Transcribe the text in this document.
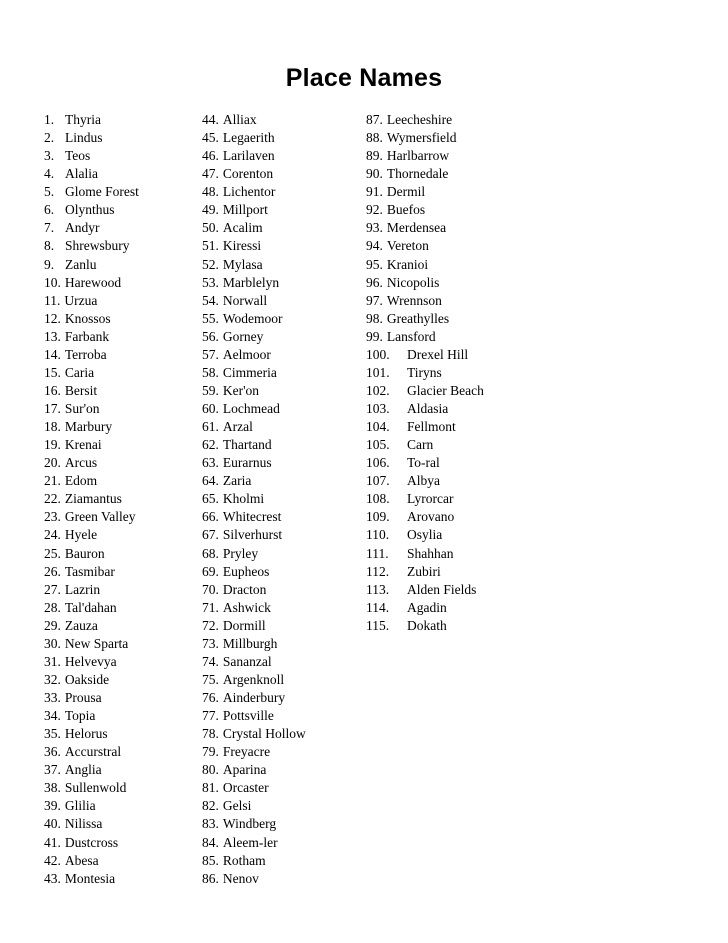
Place Names
1. Thyria
2. Lindus
3. Teos
4. Alalia
5. Glome Forest
6. Olynthus
7. Andyr
8. Shrewsbury
9. Zanlu
10. Harewood
11. Urzua
12. Knossos
13. Farbank
14. Terroba
15. Caria
16. Bersit
17. Sur'on
18. Marbury
19. Krenai
20. Arcus
21. Edom
22. Ziamantus
23. Green Valley
24. Hyele
25. Bauron
26. Tasmibar
27. Lazrin
28. Tal'dahan
29. Zauza
30. New Sparta
31. Helvevya
32. Oakside
33. Prousa
34. Topia
35. Helorus
36. Accurstral
37. Anglia
38. Sullenwold
39. Glilia
40. Nilissa
41. Dustcross
42. Abesa
43. Montesia
44. Alliax
45. Legaerith
46. Larilaven
47. Corenton
48. Lichentor
49. Millport
50. Acalim
51. Kiressi
52. Mylasa
53. Marblelyn
54. Norwall
55. Wodemoor
56. Gorney
57. Aelmoor
58. Cimmeria
59. Ker'on
60. Lochmead
61. Arzal
62. Thartand
63. Eurarnus
64. Zaria
65. Kholmi
66. Whitecrest
67. Silverhurst
68. Pryley
69. Eupheos
70. Dracton
71. Ashwick
72. Dormill
73. Millburgh
74. Sananzal
75. Argenknoll
76. Ainderbury
77. Pottsville
78. Crystal Hollow
79. Freyacre
80. Aparina
81. Orcaster
82. Gelsi
83. Windberg
84. Aleem-ler
85. Rotham
86. Nenov
87. Leecheshire
88. Wymersfield
89. Harlbarrow
90. Thornedale
91. Dermil
92. Buefos
93. Merdensea
94. Vereton
95. Kranioi
96. Nicopolis
97. Wrennson
98. Greathylles
99. Lansford
100.	Drexel Hill
101.	Tiryns
102.	Glacier Beach
103.	Aldasia
104.	Fellmont
105.	Carn
106.	To-ral
107.	Albya
108.	Lyrorcar
109.	Arovano
110.	Osylia
111.	Shahhan
112.	Zubiri
113.	Alden Fields
114.	Agadin
115.	Dokath
